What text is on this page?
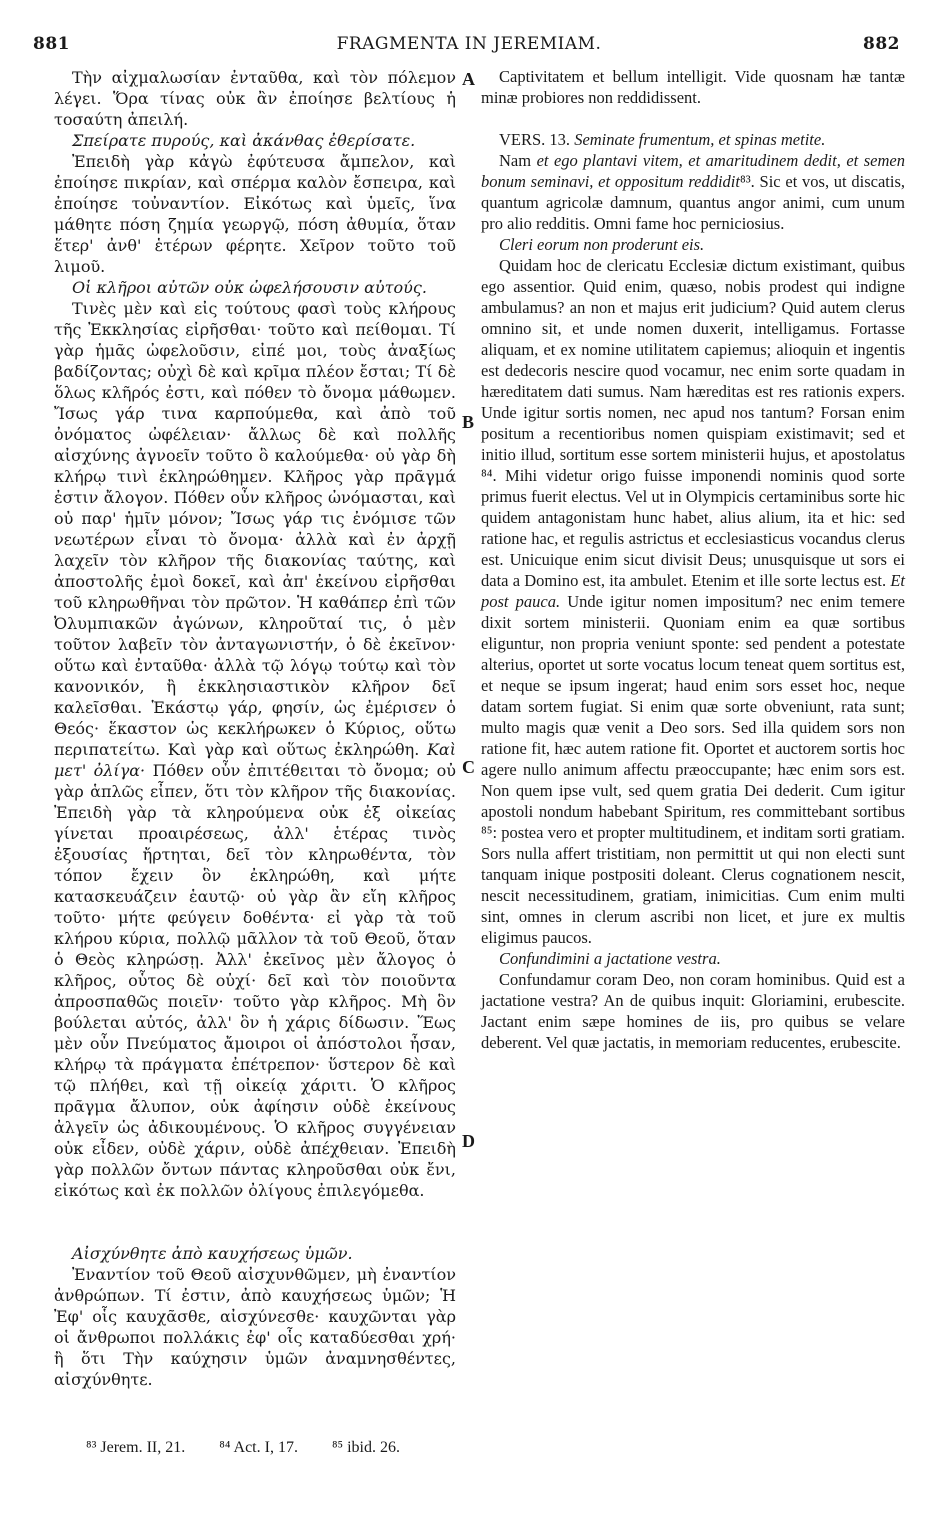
881	FRAGMENTA IN JEREMIAM.	882
Τὴν αἰχμαλωσίαν ἐνταῦθα, καὶ τὸν πόλεμον λέγει. Ὅρα τίνας οὐκ ἂν ἐποίησε βελτίους ἡ τοσαύτη ἀπειλή.
Σπείρατε πυρούς, καὶ ἀκάνθας ἐθερίσατε.
Ἐπειδὴ γὰρ κἀγὼ ἐφύτευσα ἄμπελον, καὶ ἐποίησε πικρίαν, καὶ σπέρμα καλὸν ἔσπειρα, καὶ ἐποίησε τοὐναντίον. Εἰκότως καὶ ὑμεῖς, ἵνα μάθητε πόση ζημία γεωργῷ, πόση ἀθυμία, ὅταν ἕτερ' ἀνθ' ἑτέρων φέρητε. Χεῖρον τοῦτο τοῦ λιμοῦ.
Οἱ κλῆροι αὐτῶν οὐκ ὠφελήσουσιν αὐτούς.
Τινὲς μὲν καὶ εἰς τούτους φασὶ τοὺς κλήρους τῆς Ἐκκλησίας εἰρῆσθαι· τοῦτο καὶ πείθομαι. Τί γὰρ ἡμᾶς ὠφελοῦσιν, εἰπέ μοι, τοὺς ἀναξίως βαδίζοντας; οὐχὶ δὲ καὶ κρῖμα πλέον ἔσται; Τί δὲ ὅλως κλῆρός ἐστι, καὶ πόθεν τὸ ὄνομα μάθωμεν. Ἴσως γάρ τινα καρπούμεθα, καὶ ἀπὸ τοῦ ὀνόματος ὠφέλειαν· ἄλλως δὲ καὶ πολλῆς αἰσχύνης ἀγνοεῖν τοῦτο ὃ καλούμεθα· οὐ γὰρ δὴ κλήρῳ τινὶ ἐκληρώθημεν. Κλῆρος γὰρ πρᾶγμά ἐστιν ἄλογον. Πόθεν οὖν κλῆρος ὠνόμασται, καὶ οὐ παρ' ἡμῖν μόνον; Ἴσως γάρ τις ἐνόμισε τῶν νεωτέρων εἶναι τὸ ὄνομα· ἀλλὰ καὶ ἐν ἀρχῇ λαχεῖν τὸν κλῆρον τῆς διακονίας ταύτης, καὶ ἀποστολῆς ἐμοὶ δοκεῖ, καὶ ἀπ' ἐκείνου εἰρῆσθαι τοῦ κληρωθῆναι τὸν πρῶτον. Ἡ καθάπερ ἐπὶ τῶν Ὀλυμπιακῶν ἀγώνων, κληροῦταί τις, ὁ μὲν τοῦτον λαβεῖν τὸν ἀνταγωνιστήν, ὁ δὲ ἐκεῖνον· οὕτω καὶ ἐνταῦθα· ἀλλὰ τῷ λόγῳ τούτῳ καὶ τὸν κανονικόν, ἢ ἐκκλησιαστικὸν κλῆρον δεῖ καλεῖσθαι. Ἑκάστῳ γάρ, φησίν, ὡς ἐμέρισεν ὁ Θεός· ἕκαστον ὡς κεκλήρωκεν ὁ Κύριος, οὕτω περιπατείτω. Καὶ γὰρ καὶ οὕτως ἐκληρώθη. Καὶ μετ' ὀλίγα· Πόθεν οὖν ἐπιτέθειται τὸ ὄνομα; οὐ γὰρ ἁπλῶς εἶπεν, ὅτι τὸν κλῆρον τῆς διακονίας. Ἐπειδὴ γὰρ τὰ κληρούμενα οὐκ ἐξ οἰκείας γίνεται προαιρέσεως, ἀλλ' ἑτέρας τινὸς ἐξουσίας ἤρτηται, δεῖ τὸν κληρωθέντα, τὸν τόπον ἔχειν ὃν ἐκληρώθη, καὶ μήτε κατασκευάζειν ἑαυτῷ· οὐ γὰρ ἂν εἴη κλῆρος τοῦτο· μήτε φεύγειν δοθέντα· εἰ γὰρ τὰ τοῦ κλήρου κύρια, πολλῷ μᾶλλον τὰ τοῦ Θεοῦ, ὅταν ὁ Θεὸς κληρώσῃ. Ἀλλ' ἐκεῖνος μὲν ἄλογος ὁ κλῆρος, οὗτος δὲ οὐχί· δεῖ καὶ τὸν ποιοῦντα ἀπροσπαθῶς ποιεῖν· τοῦτο γὰρ κλῆρος. Μὴ ὃν βούλεται αὐτός, ἀλλ' ὃν ἡ χάρις δίδωσιν. Ἕως μὲν οὖν Πνεύματος ἄμοιροι οἱ ἀπόστολοι ἦσαν, κλήρῳ τὰ πράγματα ἐπέτρεπον· ὕστερον δὲ καὶ τῷ πλήθει, καὶ τῇ οἰκείᾳ χάριτι. Ὁ κλῆρος πρᾶγμα ἄλυπον, οὐκ ἀφίησιν οὐδὲ ἐκείνους ἀλγεῖν ὡς ἀδικουμένους. Ὁ κλῆρος συγγένειαν οὐκ εἶδεν, οὐδὲ χάριν, οὐδὲ ἀπέχθειαν. Ἐπειδὴ γὰρ πολλῶν ὄντων πάντας κληροῦσθαι οὐκ ἔνι, εἰκότως καὶ ἐκ πολλῶν ὀλίγους ἐπιλεγόμεθα.
Αἰσχύνθητε ἀπὸ καυχήσεως ὑμῶν.
Ἐναντίον τοῦ Θεοῦ αἰσχυνθῶμεν, μὴ ἐναντίον ἀνθρώπων. Τί ἐστιν, ἀπὸ καυχήσεως ὑμῶν; Ἡ Ἐφ' οἷς καυχᾶσθε, αἰσχύνεσθε· καυχῶνται γὰρ οἱ ἄνθρωποι πολλάκις ἐφ' οἷς καταδύεσθαι χρή· ἢ ὅτι Τὴν καύχησιν ὑμῶν ἀναμνησθέντες, αἰσχύνθητε.
A
B
C
D
Captivitatem et bellum intelligit. Vide quosnam hæ tantæ minæ probiores non reddidissent.
VERS. 13. Seminate frumentum, et spinas metite.
Nam et ego plantavi vitem, et amaritudinem dedit, et semen bonum seminavi, et oppositum reddidit⁸³. Sic et vos, ut discatis, quantum agricolæ damnum, quantus angor animi, cum unum pro alio redditis. Omni fame hoc perniciosius.
Cleri eorum non proderunt eis.
Quidam hoc de clericatu Ecclesiæ dictum existimant, quibus ego assentior. Quid enim, quæso, nobis prodest qui indigne ambulamus? an non et majus erit judicium? Quid autem clerus omnino sit, et unde nomen duxerit, intelligamus. Fortasse aliquam, et ex nomine utilitatem capiemus; alioquin et ingentis est dedecoris nescire quod vocamur, nec enim sorte quadam in hæreditatem dati sumus. Nam hæreditas est res rationis expers. Unde igitur sortis nomen, nec apud nos tantum? Forsan enim positum a recentioribus nomen quispiam existimavit; sed et initio illud, sortitum esse sortem ministerii hujus, et apostolatus ⁸⁴. Mihi videtur origo fuisse imponendi nominis quod sorte primus fuerit electus. Vel ut in Olympicis certaminibus sorte hic quidem antagonistam hunc habet, alius alium, ita et hic: sed ratione hac, et regulis astrictus et ecclesiasticus vocandus clerus est. Unicuique enim sicut divisit Deus; unusquisque ut sors ei data a Domino est, ita ambulet. Etenim et ille sorte lectus est. Et post pauca. Unde igitur nomen impositum? nec enim temere dixit sortem ministerii. Quoniam enim ea quæ sortibus eliguntur, non propria veniunt sponte: sed pendent a potestate alterius, oportet ut sorte vocatus locum teneat quem sortitus est, et neque se ipsum ingerat; haud enim sors esset hoc, neque datam sortem fugiat. Si enim quæ sorte obveniunt, rata sunt; multo magis quæ venit a Deo sors. Sed illa quidem sors non ratione fit, hæc autem ratione fit. Oportet et auctorem sortis hoc agere nullo animum affectu præoccupante; hæc enim sors est. Non quem ipse vult, sed quem gratia Dei dederit. Cum igitur apostoli nondum habebant Spiritum, res committebant sortibus ⁸⁵: postea vero et propter multitudinem, et inditam sorti gratiam. Sors nulla affert tristitiam, non permittit ut qui non electi sunt tanquam inique postpositi doleant. Clerus cognationem nescit, nescit necessitudinem, gratiam, inimicitias. Cum enim multi sint, omnes in clerum ascribi non licet, et jure ex multis eligimus paucos.
Confundimini a jactatione vestra.
Confundamur coram Deo, non coram hominibus. Quid est a jactatione vestra? An de quibus inquit: Gloriamini, erubescite. Jactant enim sæpe homines de iis, pro quibus se velare deberent. Vel quæ jactatis, in memoriam reducentes, erubescite.
⁸³ Jerem. II, 21. ⁸⁴ Act. I, 17. ⁸⁵ ibid. 26.
